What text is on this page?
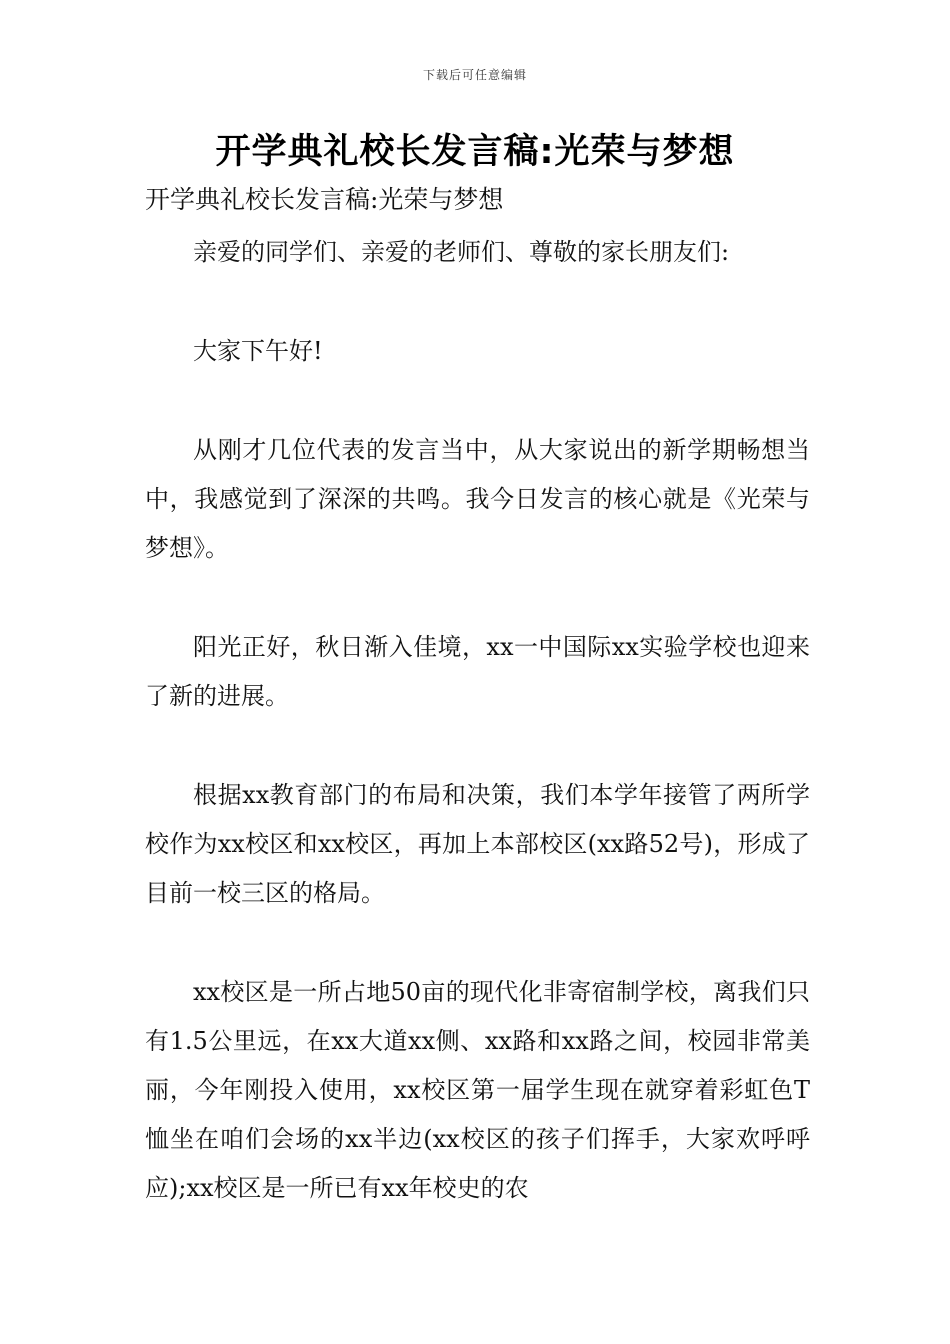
下载后可任意编辑
开学典礼校长发言稿:光荣与梦想

开学典礼校长发言稿:光荣与梦想

亲爱的同学们、亲爱的老师们、尊敬的家长朋友们:

大家下午好!

从刚才几位代表的发言当中，从大家说出的新学期畅想当中，我感觉到了深深的共鸣。我今日发言的核心就是《光荣与梦想》。

阳光正好，秋日渐入佳境，xx一中国际xx实验学校也迎来了新的进展。

根据xx教育部门的布局和决策，我们本学年接管了两所学校作为xx校区和xx校区，再加上本部校区(xx路52号)，形成了目前一校三区的格局。

xx校区是一所占地50亩的现代化非寄宿制学校，离我们只有1.5公里远，在xx大道xx侧、xx路和xx路之间，校园非常美丽，今年刚投入使用，xx校区第一届学生现在就穿着彩虹色T恤坐在咱们会场的xx半边(xx校区的孩子们挥手，大家欢呼呼应);xx校区是一所已有xx年校史的农
